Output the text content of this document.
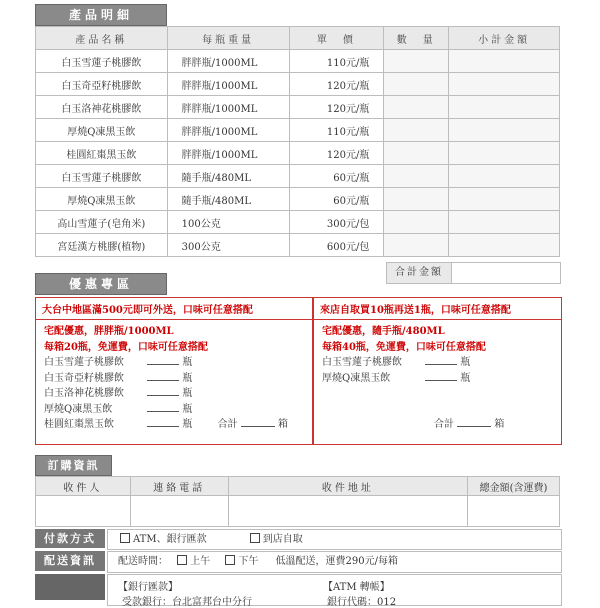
產品明細
產品名稱	每瓶重量	單　價	數　量	小計金額
白玉雪蓮子桃膠飲	胖胖瓶/1000ML	110元/瓶		
白玉奇亞籽桃膠飲	胖胖瓶/1000ML	120元/瓶		
白玉洛神花桃膠飲	胖胖瓶/1000ML	120元/瓶		
厚燒Q凍黑玉飲	胖胖瓶/1000ML	110元/瓶		
桂圓紅棗黑玉飲	胖胖瓶/1000ML	120元/瓶		
白玉雪蓮子桃膠飲	隨手瓶/480ML	60元/瓶		
厚燒Q凍黑玉飲	隨手瓶/480ML	60元/瓶		
高山雪蓮子(皂角米)	100公克	300元/包		
宮廷漢方桃膠(植物)	300公克	600元/包		
合計金額
優惠專區
大台中地區滿500元即可外送，口味可任意搭配
宅配優惠，胖胖瓶/1000ML
每箱20瓶，免運費，口味可任意搭配
白玉雪蓮子桃膠飲	瓶
白玉奇亞籽桃膠飲	瓶
白玉洛神花桃膠飲	瓶
厚燒Q凍黑玉飲	瓶
桂圓紅棗黑玉飲	瓶	合計	箱
來店自取買10瓶再送1瓶，口味可任意搭配
宅配優惠，隨手瓶/480ML
每箱40瓶，免運費，口味可任意搭配
白玉雪蓮子桃膠飲	瓶
厚燒Q凍黑玉飲	瓶
合計	箱
訂購資訊
收件人	連絡電話	收件地址	總金額(含運費)

付款方式	ATM、銀行匯款	到店自取
配送資訊	配送時間： 上午	下午 低溫配送，運費290元/每箱
【銀行匯款】	【ATM 轉帳】
受款銀行：台北富邦台中分行	銀行代碼：012
